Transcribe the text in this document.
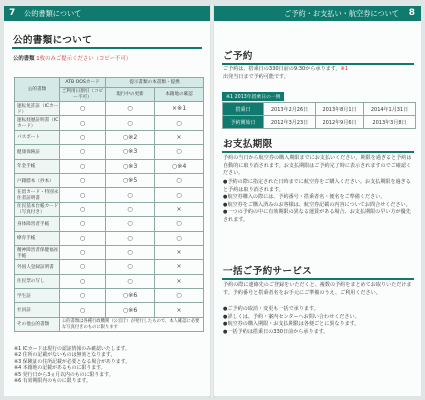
7 公的書類について
公的書類について
公的書類 1枚のみご提示ください（コピー不可）
公的書類	ATB OOSカード	提示書類の本書類・提携	
	ご利用日割引（コピー不可）	現行中の更新	本籍地の確認
運転免許証（ICカード）	○	○	×※1
運転経歴証明書（ICカード）	○	○	○
パスポート	○	○※2	×
健康保険証	○	○※3	○
年金手帳	○	○※3	○※4
戸籍謄本（抄本）	○	○※5	○
在留カード・特別永住者証明書	○	○	○
住民基本台帳カード（写真付き）	○	○	×
身体障害者手帳	○	○	○
療育手帳	○	○	○
精神障害者保健福祉手帳	○	○	×
外国人登録証明書	○	○	×
住民票の写し	○	○	×
学生証	○	○※6	○
社員証	○	○※6	×
その他公的書類	公的書類は各種行政機関（公官庁）が発行したもので、本人確認に必要な写真付きのものに限ります		
※1 ICカードは現行の認証情報のみ確認いたします。
※2 住所の記載がないものは無効となります。
※3 保険証の住所記載が必要となる場合があります。
※4 本籍地の記載があるものに限ります。
※5 発行日から3ヵ月以内のものに限ります。
※6 有効期限内のものに限ります。
ご予約・お支払い・航空券について 8
ご予約
ご予約は、搭乗日の330日前の9:30から承ります。※1
出発当日まで予約可能です。
※1 2013年搭乗日の一例
搭乗日	2013年2月26日	2013年8月1日	2014年1月31日
予約開始日	2012年3月23日	2012年9月6日	2013年3月8日
お支払期限
予約の当日から航空券の購入期限までにお支払いください。期限を過ぎると予約は自動的に取り消されます。お支払期限はご予約完了時に表示されますのでご確認ください。
●予約の際に指定された日時までに航空券をご購入ください。お支払期限を過ぎると予約は取り消されます。
●航空券購入の際には、予約番号・搭乗者名・便名をご準備ください。
●航空券をご購入済みのお客様は、航空券記載の内容についてお問合せください。
●一つの予約の中に有効期限の異なる運賃がある場合、お支払期限の早い方が優先されます。
一括ご予約サービス
予約の際に連絡先のご登録をいただくと、複数の予約をまとめてお取りいただけます。予約番号と搭乗者名をお手元にご準備のうえ、ご利用ください。
●ご予約の取消・変更も一括で承ります。
●詳しくは、予約・案内センターへお問い合わせください。
●航空券の購入期限・お支払期限は各便ごとに異なります。
●一括予約は搭乗日の330日前から承ります。
